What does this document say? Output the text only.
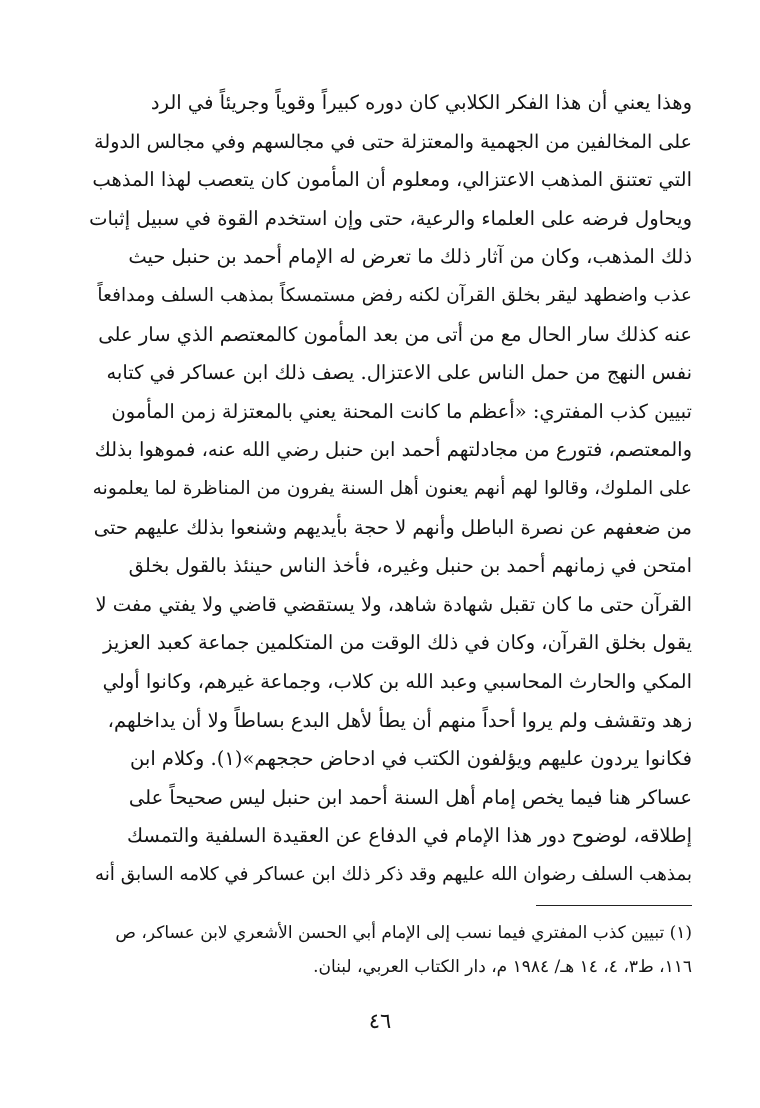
وهذا يعني أن هذا الفكر الكلابي كان دوره كبيراً وقوياً وجريئاً في الرد
على المخالفين من الجهمية والمعتزلة حتى في مجالسهم وفي مجالس الدولة
التي تعتنق المذهب الاعتزالي، ومعلوم أن المأمون كان يتعصب لهذا المذهب
ويحاول فرضه على العلماء والرعية، حتى وإن استخدم القوة في سبيل إثبات
ذلك المذهب، وكان من آثار ذلك ما تعرض له الإمام أحمد بن حنبل حيث
عذب واضطهد ليقر بخلق القرآن لكنه رفض مستمسكاً بمذهب السلف ومدافعاً
عنه كذلك سار الحال مع من أتى من بعد المأمون كالمعتصم الذي سار على
نفس النهج من حمل الناس على الاعتزال. يصف ذلك ابن عساكر في كتابه
تبيين كذب المفتري: «أعظم ما كانت المحنة يعني بالمعتزلة زمن المأمون
والمعتصم، فتورع من مجادلتهم أحمد ابن حنبل رضي الله عنه، فموهوا بذلك
على الملوك، وقالوا لهم أنهم يعنون أهل السنة يفرون من المناظرة لما يعلمونه
من ضعفهم عن نصرة الباطل وأنهم لا حجة بأيديهم وشنعوا بذلك عليهم حتى
امتحن في زمانهم أحمد بن حنبل وغيره، فأخذ الناس حينئذ بالقول بخلق
القرآن حتى ما كان تقبل شهادة شاهد، ولا يستقضي قاضي ولا يفتي مفت لا
يقول بخلق القرآن، وكان في ذلك الوقت من المتكلمين جماعة كعبد العزيز
المكي والحارث المحاسبي وعبد الله بن كلاب، وجماعة غيرهم، وكانوا أولي
زهد وتقشف ولم يروا أحداً منهم أن يطأ لأهل البدع بساطاً ولا أن يداخلهم،
فكانوا يردون عليهم ويؤلفون الكتب في ادحاض حججهم»(١). وكلام ابن
عساكر هنا فيما يخص إمام أهل السنة أحمد ابن حنبل ليس صحيحاً على
إطلاقه، لوضوح دور هذا الإمام في الدفاع عن العقيدة السلفية والتمسك
بمذهب السلف رضوان الله عليهم وقد ذكر ذلك ابن عساكر في كلامه السابق أنه
(١) تبيين كذب المفتري فيما نسب إلى الإمام أبي الحسن الأشعري لابن عساكر، ص
١١٦، ط٣، ٤، ١٤ هـ/ ١٩٨٤ م، دار الكتاب العربي، لبنان.
٤٦
